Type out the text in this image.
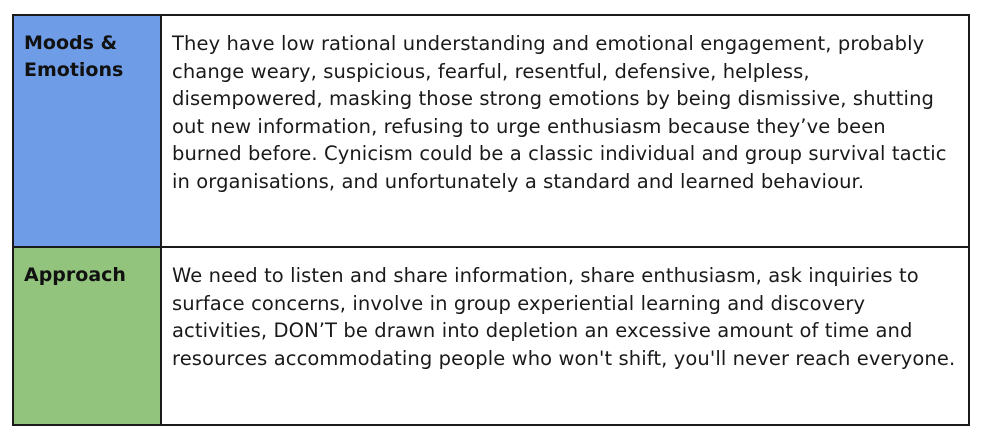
Moods & Emotions	They have low rational understanding and emotional engagement, probably change weary, suspicious, fearful, resentful, defensive, helpless, disempowered, masking those strong emotions by being dismissive, shutting out new information, refusing to urge enthusiasm because they’ve been burned before. Cynicism could be a classic individual and group survival tactic in organisations, and unfortunately a standard and learned behaviour.

Approach	We need to listen and share information, share enthusiasm, ask inquiries to surface concerns, involve in group experiential learning and discovery activities, DON’T be drawn into depletion an excessive amount of time and resources accommodating people who won't shift, you'll never reach everyone.
